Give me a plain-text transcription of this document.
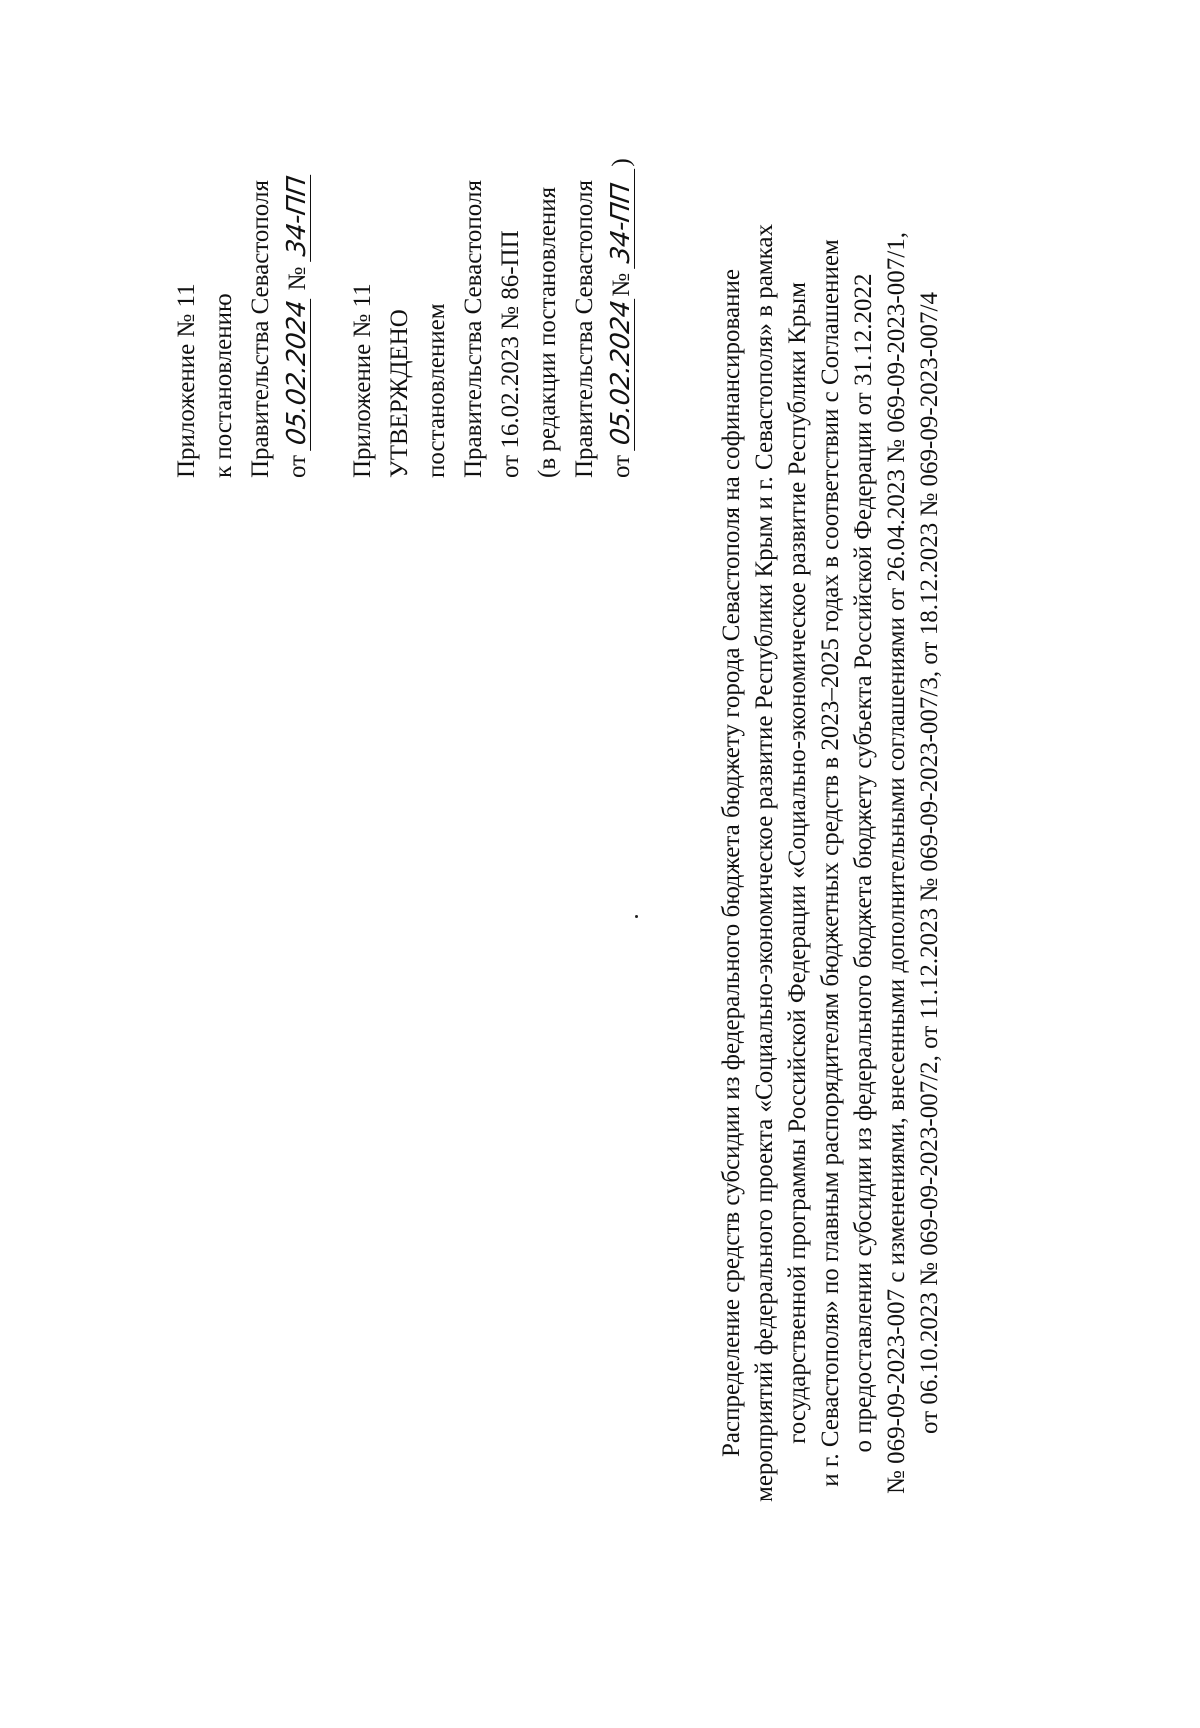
Приложение № 11 к постановлению Правительства Севастополя от 05.02.2024 № 34-ПП
Приложение № 11 УТВЕРЖДЕНО постановлением Правительства Севастополя от 16.02.2023 № 86-ПП (в редакции постановления Правительства Севастополя от 05.02.2024№ 34-ПП)
Распределение средств субсидии из федерального бюджета бюджету города Севастополя на софинансирование мероприятий федерального проекта «Социально-экономическое развитие Республики Крым и г. Севастополя» в рамках государственной программы Российской Федерации «Социально-экономическое развитие Республики Крым и г. Севастополя» по главным распорядителям бюджетных средств в 2023–2025 годах в соответствии с Соглашением о предоставлении субсидии из федерального бюджета бюджету субъекта Российской Федерации от 31.12.2022 № 069-09-2023-007 с изменениями, внесенными дополнительными соглашениями от 26.04.2023 № 069-09-2023-007/1, от 06.10.2023 № 069-09-2023-007/2, от 11.12.2023 № 069-09-2023-007/3, от 18.12.2023 № 069-09-2023-007/4
